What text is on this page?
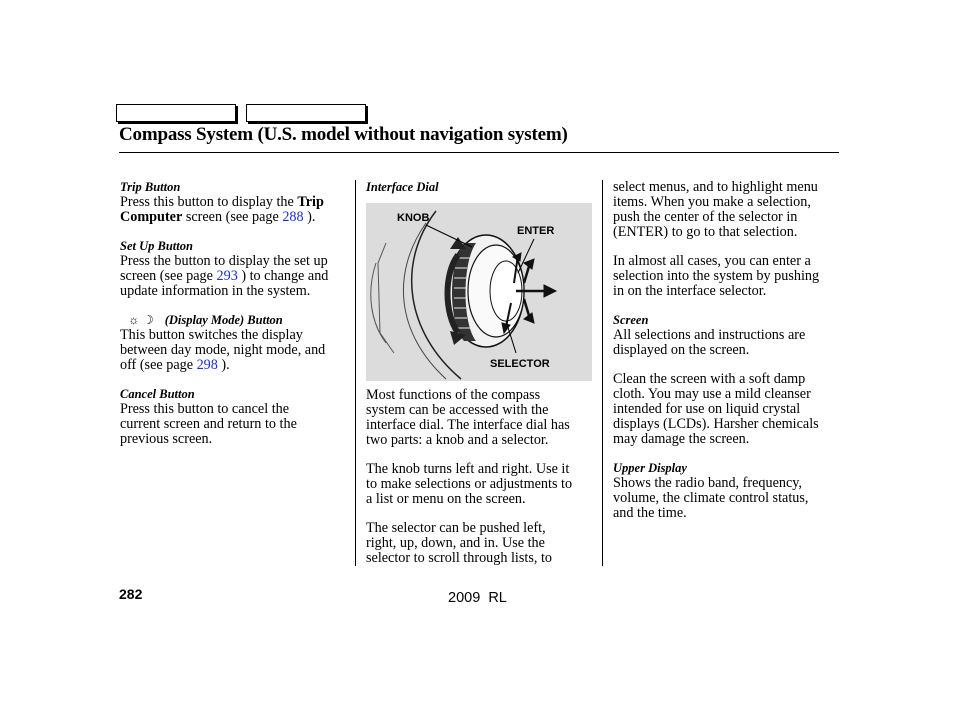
Compass System (U.S. model without navigation system)

Trip Button

Press this button to display the Trip
Computer screen (see page 288 ).

Set Up Button

Press the button to display the set up
screen (see page 293 ) to change and
update information in the system.

☼☽ (Display Mode) Button

This button switches the display
between day mode, night mode, and
off (see page 298 ).

Cancel Button

Press this button to cancel the
current screen and return to the
previous screen.

Interface Dial

KNOB
ENTER
SELECTOR

Most functions of the compass
system can be accessed with the
interface dial. The interface dial has
two parts: a knob and a selector.

The knob turns left and right. Use it
to make selections or adjustments to
a list or menu on the screen.

The selector can be pushed left,
right, up, down, and in. Use the
selector to scroll through lists, to

select menus, and to highlight menu
items. When you make a selection,
push the center of the selector in
(ENTER) to go to that selection.

In almost all cases, you can enter a
selection into the system by pushing
in on the interface selector.

Screen

All selections and instructions are
displayed on the screen.

Clean the screen with a soft damp
cloth. You may use a mild cleanser
intended for use on liquid crystal
displays (LCDs). Harsher chemicals
may damage the screen.

Upper Display

Shows the radio band, frequency,
volume, the climate control status,
and the time.

282	2009  RL
